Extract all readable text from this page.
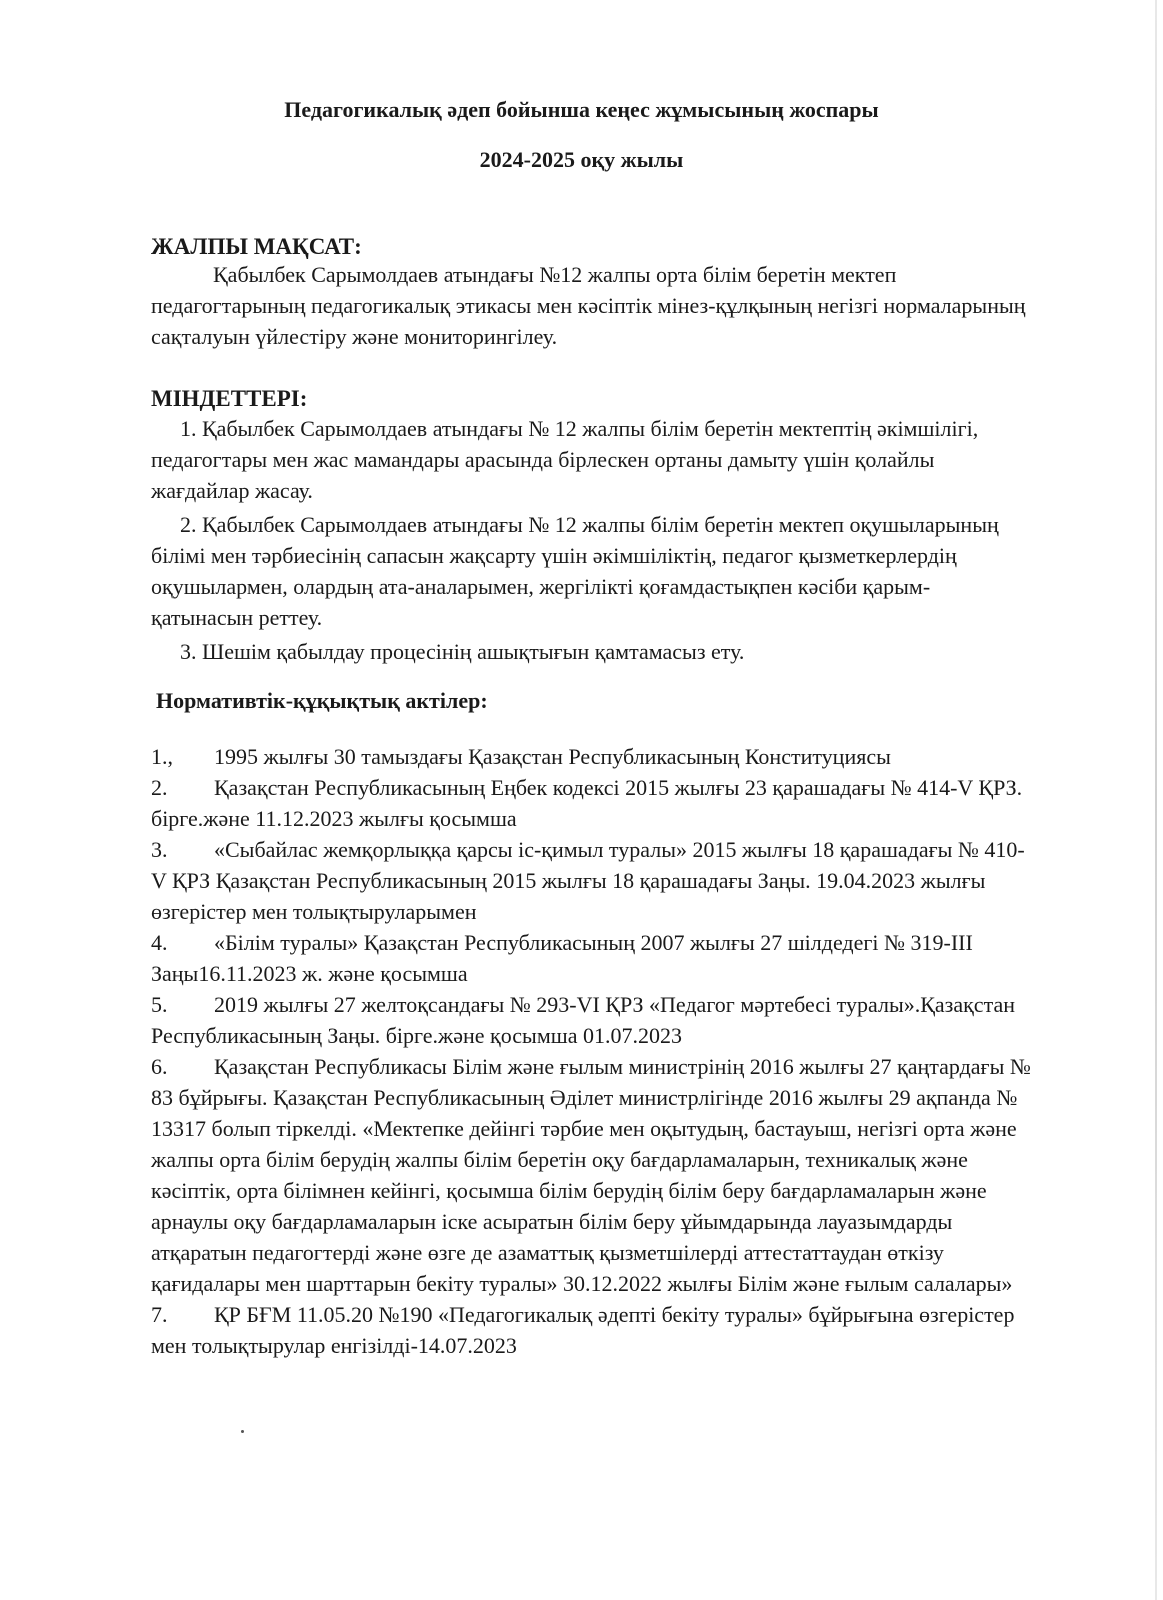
Педагогикалық әдеп бойынша кеңес жұмысының жоспары
2024-2025 оқу жылы
ЖАЛПЫ МАҚСАТ:
Қабылбек Сарымолдаев атындағы №12 жалпы орта білім беретін мектеп педагогтарының педагогикалық этикасы мен кәсіптік мінез-құлқының негізгі нормаларының сақталуын үйлестіру және мониторингілеу.
МІНДЕТТЕРІ:

1. Қабылбек Сарымолдаев атындағы № 12 жалпы білім беретін мектептің әкімшілігі, педагогтары мен жас мамандары арасында бірлескен ортаны дамыту үшін қолайлы жағдайлар жасау.

2. Қабылбек Сарымолдаев атындағы № 12 жалпы білім беретін мектеп оқушыларының білімі мен тәрбиесінің сапасын жақсарту үшін әкімшіліктің, педагог қызметкерлердің оқушылармен, олардың ата-аналарымен, жергілікті қоғамдастықпен кәсіби қарым-қатынасын реттеу.

3. Шешім қабылдау процесінің ашықтығын қамтамасыз ету.

Нормативтік-құқықтық актілер:

1., 1995 жылғы 30 тамыздағы Қазақстан Республикасының Конституциясы

2. Қазақстан Республикасының Еңбек кодексі 2015 жылғы 23 қарашадағы № 414-V ҚРЗ. бірге.және 11.12.2023 жылғы қосымша

3. «Сыбайлас жемқорлыққа қарсы іс-қимыл туралы» 2015 жылғы 18 қарашадағы № 410-V ҚРЗ Қазақстан Республикасының 2015 жылғы 18 қарашадағы Заңы. 19.04.2023 жылғы өзгерістер мен толықтыруларымен

4. «Білім туралы» Қазақстан Республикасының 2007 жылғы 27 шілдедегі № 319-III Заңы16.11.2023 ж. және қосымша

5. 2019 жылғы 27 желтоқсандағы № 293-VI ҚРЗ «Педагог мәртебесі туралы».Қазақстан Республикасының Заңы. бірге.және қосымша 01.07.2023

6. Қазақстан Республикасы Білім және ғылым министрінің 2016 жылғы 27 қаңтардағы № 83 бұйрығы. Қазақстан Республикасының Әділет министрлігінде 2016 жылғы 29 ақпанда № 13317 болып тіркелді. «Мектепке дейінгі тәрбие мен оқытудың, бастауыш, негізгі орта және жалпы орта білім берудің жалпы білім беретін оқу бағдарламаларын, техникалық және кәсіптік, орта білімнен кейінгі, қосымша білім берудің білім беру бағдарламаларын және арнаулы оқу бағдарламаларын іске асыратын білім беру ұйымдарында лауазымдарды атқаратын педагогтерді және өзге де азаматтық қызметшілерді аттестаттаудан өткізу қағидалары мен шарттарын бекіту туралы» 30.12.2022 жылғы Білім және ғылым салалары»

7. ҚР БҒМ 11.05.20 №190 «Педагогикалық әдепті бекіту туралы» бұйрығына өзгерістер мен толықтырулар енгізілді-14.07.2023
